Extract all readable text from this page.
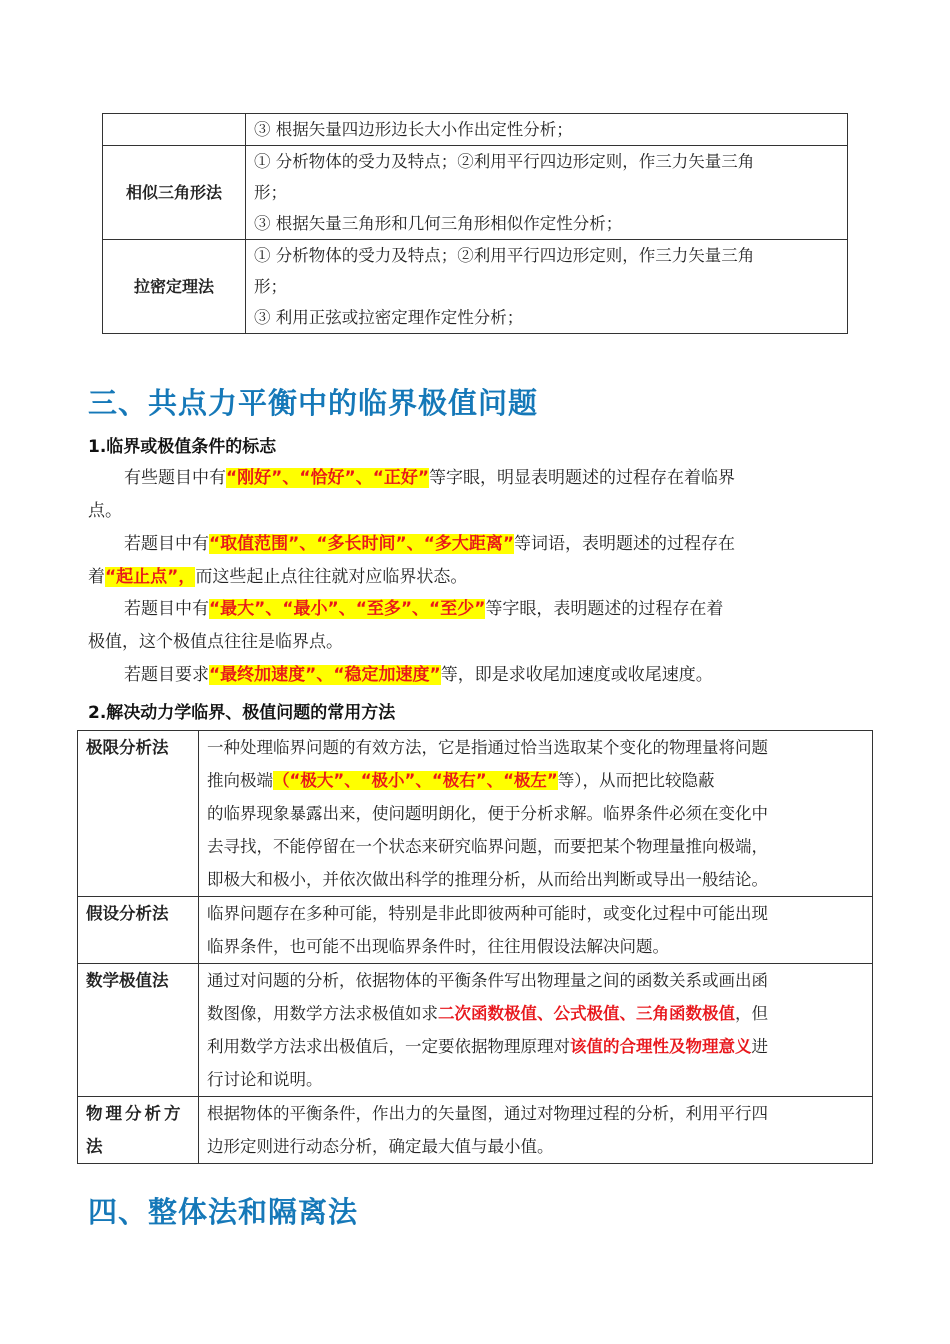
	③ 根据矢量四边形边长大小作出定性分析；

相似三角形法	① 分析物体的受力及特点；②利用平行四边形定则，作三力矢量三角
形；
③ 根据矢量三角形和几何三角形相似作定性分析；

拉密定理法	① 分析物体的受力及特点；②利用平行四边形定则，作三力矢量三角
形；
③ 利用正弦或拉密定理作定性分析；
三、共点力平衡中的临界极值问题
1.临界或极值条件的标志
有些题目中有“刚好”、“恰好”、“正好”等字眼，明显表明题述的过程存在着临界
点。
若题目中有“取值范围”、“多长时间”、“多大距离”等词语，表明题述的过程存在
着“起止点”，而这些起止点往往就对应临界状态。
若题目中有“最大”、“最小”、“至多”、“至少”等字眼，表明题述的过程存在着
极值，这个极值点往往是临界点。
若题目要求“最终加速度”、“稳定加速度”等，即是求收尾加速度或收尾速度。
2.解决动力学临界、极值问题的常用方法
极限分析法	一种处理临界问题的有效方法，它是指通过恰当选取某个变化的物理量将问题
推向极端（“极大”、“极小”、“极右”、“极左”等），从而把比较隐蔽
的临界现象暴露出来，使问题明朗化，便于分析求解。临界条件必须在变化中
去寻找，不能停留在一个状态来研究临界问题，而要把某个物理量推向极端，
即极大和极小，并依次做出科学的推理分析，从而给出判断或导出一般结论。

假设分析法	临界问题存在多种可能，特别是非此即彼两种可能时，或变化过程中可能出现
临界条件，也可能不出现临界条件时，往往用假设法解决问题。

数学极值法	通过对问题的分析，依据物体的平衡条件写出物理量之间的函数关系或画出函
数图像，用数学方法求极值如求二次函数极值、公式极值、三角函数极值，但
利用数学方法求出极值后，一定要依据物理原理对该值的合理性及物理意义进
行讨论和说明。

物理分析方
法	根据物体的平衡条件，作出力的矢量图，通过对物理过程的分析，利用平行四
边形定则进行动态分析，确定最大值与最小值。
四、整体法和隔离法
